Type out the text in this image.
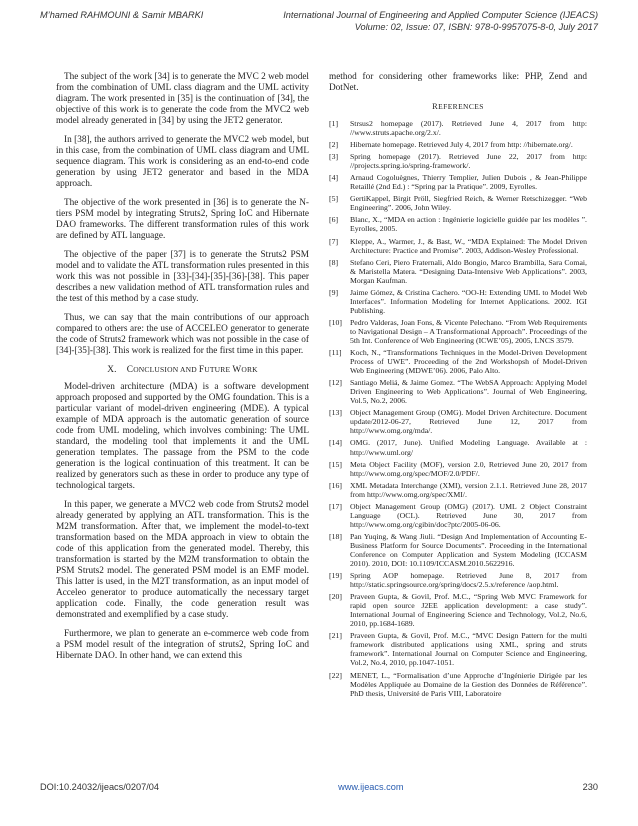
M’hamed RAHMOUNI & Samir MBARKI	International Journal of Engineering and Applied Computer Science (IJEACS)
Volume: 02, Issue: 07, ISBN: 978-0-9957075-8-0, July 2017

The subject of the work [34] is to generate the MVC 2 web model from the combination of UML class diagram and the UML activity diagram. The work presented in [35] is the continuation of [34], the objective of this work is to generate the code from the MVC2 web model already generated in [34] by using the JET2 generator.

In [38], the authors arrived to generate the MVC2 web model, but in this case, from the combination of UML class diagram and UML sequence diagram. This work is considering as an end-to-end code generation by using JET2 generator and based in the MDA approach.

The objective of the work presented in [36] is to generate the N-tiers PSM model by integrating Struts2, Spring IoC and Hibernate DAO frameworks. The different transformation rules of this work are defined by ATL language.

The objective of the paper [37] is to generate the Struts2 PSM model and to validate the ATL transformation rules presented in this work this was not possible in [33]-[34]-[35]-[36]-[38]. This paper describes a new validation method of ATL transformation rules and the test of this method by a case study.

Thus, we can say that the main contributions of our approach compared to others are: the use of ACCELEO generator to generate the code of Struts2 framework which was not possible in the case of [34]-[35]-[38]. This work is realized for the first time in this paper.

X. CONCLUSION AND FUTURE WORK

Model-driven architecture (MDA) is a software development approach proposed and supported by the OMG foundation. This is a particular variant of model-driven engineering (MDE). A typical example of MDA approach is the automatic generation of source code from UML modeling, which involves combining: The UML standard, the modeling tool that implements it and the UML generation templates. The passage from the PSM to the code generation is the logical continuation of this treatment. It can be realized by generators such as these in order to produce any type of technological targets.

In this paper, we generate a MVC2 web code from Struts2 model already generated by applying an ATL transformation. This is the M2M transformation. After that, we implement the model-to-text transformation based on the MDA approach in view to obtain the code of this application from the generated model. Thereby, this transformation is started by the M2M transformation to obtain the PSM Struts2 model. The generated PSM model is an EMF model. This latter is used, in the M2T transformation, as an input model of Acceleo generator to produce automatically the necessary target application code. Finally, the code generation result was demonstrated and exemplified by a case study.

Furthermore, we plan to generate an e-commerce web code from a PSM model result of the integration of struts2, Spring IoC and Hibernate DAO. In other hand, we can extend this

method for considering other frameworks like: PHP, Zend and DotNet.

REFERENCES
[1]	Strsus2 homepage (2017). Retrieved June 4, 2017 from http: //www.struts.apache.org/2.x/.
[2]	Hibernate homepage. Retrieved July 4, 2017 from http: //hibernate.org/.
[3]	Spring homepage (2017). Retrieved June 22, 2017 from http: //projects.spring.io/spring-framework/.
[4]	Arnaud Cogoluègnes, Thierry Templier, Julien Dubois , & Jean-Philippe Retaillé (2nd Ed.) : “Spring par la Pratique”. 2009, Eyrolles.
[5]	GertiKappel, Birgit Pröll, Siegfried Reich, & Werner Retschizegger. “Web Engineering”. 2006, John Wiley.
[6]	Blanc, X., “MDA en action : Ingénierie logicielle guidée par les modèles ”. Eyrolles, 2005.
[7]	Kleppe, A., Warmer, J., & Bast, W., “MDA Explained: The Model Driven Architecture: Practice and Promise”. 2003, Addison-Wesley Professional.
[8]	Stefano Ceri, Piero Fraternali, Aldo Bongio, Marco Brambilla, Sara Comai, & Maristella Matera. “Designing Data-Intensive Web Applications”. 2003, Morgan Kaufman.
[9]	Jaime Gómez, & Cristina Cachero. “OO-H: Extending UML to Model Web Interfaces”. Information Modeling for Internet Applications. 2002. IGI Publishing.
[10]	Pedro Valderas, Joan Fons, & Vicente Pelechano. “From Web Requirements to Navigational Design – A Transformational Approach”. Proceedings of the 5th Int. Conference of Web Engineering (ICWE’05), 2005, LNCS 3579.
[11]	Koch, N., “Transformations Techniques in the Model-Driven Development Process of UWE”. Proceeding of the 2nd Workshopsh of Model-Driven Web Engineering (MDWE’06). 2006, Palo Alto.
[12]	Santiago Meliá, & Jaime Gomez. “The WebSA Approach: Applying Model Driven Engineering to Web Applications”. Journal of Web Engineering, Vol.5, No.2, 2006.
[13]	Object Management Group (OMG). Model Driven Architecture. Document update/2012-06-27, Retrieved June 12, 2017 from http://www.omg.org/mda/.
[14]	OMG. (2017, June). Unified Modeling Language. Available at : http://www.uml.org/
[15]	Meta Object Facility (MOF), version 2.0, Retrieved June 20, 2017 from http://www.omg.org/spec/MOF/2.0/PDF/.
[16]	XML Metadata Interchange (XMI), version 2.1.1. Retrieved June 28, 2017 from http://www.omg.org/spec/XMI/.
[17]	Object Management Group (OMG) (2017). UML 2 Object Constraint Language (OCL). Retrieved June 30, 2017 from http://www.omg.org/cgibin/doc?ptc/2005-06-06.
[18]	Pan Yuqing, & Wang Jiuli. “Design And Implementation of Accounting E-Business Platform for Source Documents”. Proceeding in the International Conference on Computer Application and System Modeling (ICCASM 2010). 2010, DOI: 10.1109/ICCASM.2010.5622916.
[19]	Spring AOP homepage. Retrieved June 8, 2017 from http://static.springsource.org/spring/docs/2.5.x/reference /aop.html.
[20]	Praveen Gupta, & Govil, Prof. M.C., “Spring Web MVC Framework for rapid open source J2EE application development: a case study”. International Journal of Engineering Science and Technology, Vol.2, No.6, 2010, pp.1684-1689.
[21]	Praveen Gupta, & Govil, Prof. M.C., “MVC Design Pattern for the multi framework distributed applications using XML, spring and struts framework”. International Journal on Computer Science and Engineering, Vol.2, No.4, 2010, pp.1047-1051.
[22]	MENET, L., “Formalisation d’une Approche d’Ingénierie Dirigée par les Modèles Appliquée au Domaine de la Gestion des Données de Référence”. PhD thesis, Université de Paris VIII, Laboratoire
DOI:10.24032/ijeacs/0207/04	www.ijeacs.com	230
